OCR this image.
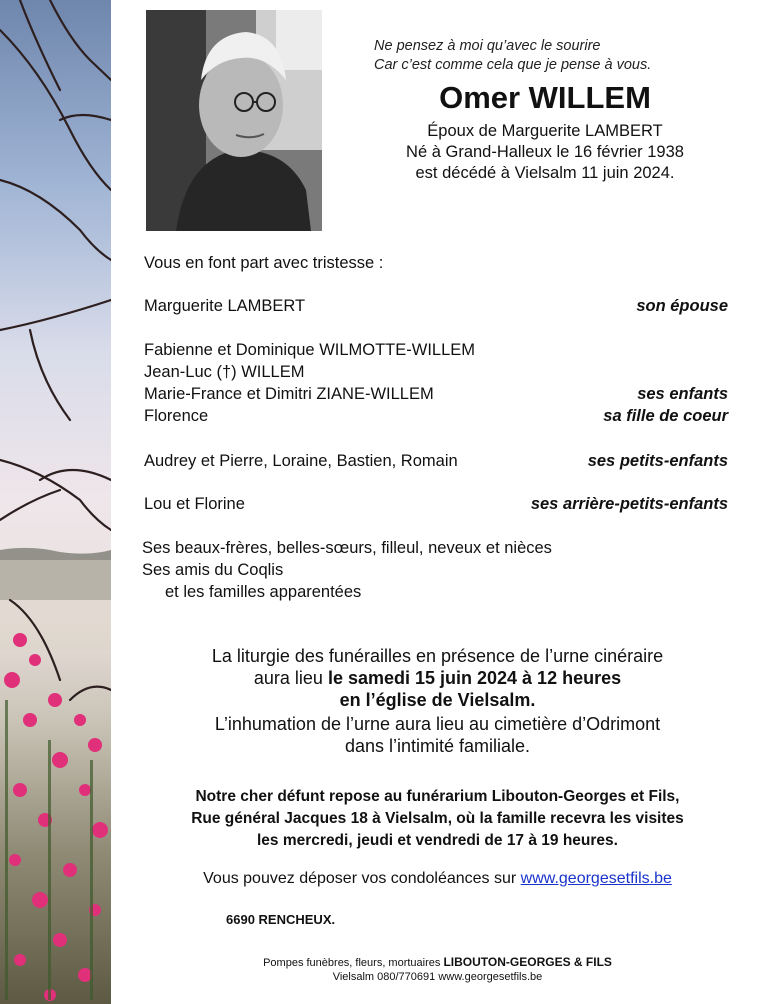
Ne pensez à moi qu’avec le sourire
Car c’est comme cela que je pense à vous.
Omer WILLEM
Époux de Marguerite LAMBERT
Né à Grand-Halleux le 16 février 1938
est décédé à Vielsalm 11 juin 2024.
Vous en font part avec tristesse :
Marguerite LAMBERT	son épouse
Fabienne et Dominique WILMOTTE-WILLEM
Jean-Luc (†) WILLEM
Marie-France et Dimitri ZIANE-WILLEM	ses enfants
Florence	sa fille de coeur
Audrey et Pierre, Loraine, Bastien, Romain	ses petits-enfants
Lou et Florine	ses arrière-petits-enfants
Ses beaux-frères, belles-sœurs, filleul, neveux et nièces
Ses amis du Coqlis
et les familles apparentées
La liturgie des funérailles en présence de l’urne cinéraire
aura lieu le samedi 15 juin 2024 à 12 heures
en l’église de Vielsalm.
L’inhumation de l’urne aura lieu au cimetière d’Odrimont
dans l’intimité familiale.
Notre cher défunt repose au funérarium Libouton-Georges et Fils,
Rue général Jacques 18 à Vielsalm, où la famille recevra les visites
les mercredi, jeudi et vendredi de 17 à 19 heures.
Vous pouvez déposer vos condoléances sur www.georgesetfils.be
6690 RENCHEUX.
Pompes funèbres, fleurs, mortuaires LIBOUTON-GEORGES & FILS
Vielsalm 080/770691 www.georgesetfils.be
